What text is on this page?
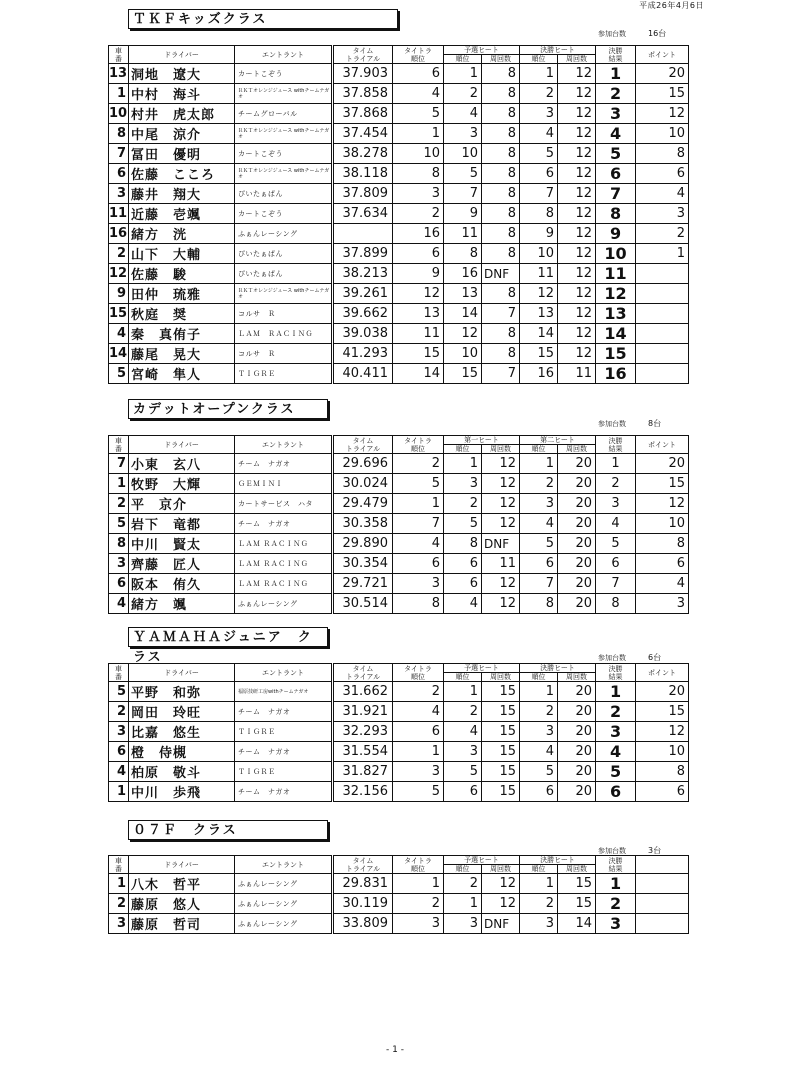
平成26年4月6日
ＴＫＦキッズクラス
参加台数	16台
車
番	ドライバー	エントラント	タイム
トライアル	タイトラ
順位	予選ヒート		決勝ヒート		決勝
結果	ポイント
					順位	周回数	順位	周回数		
13	洞地　遼大	カートこぞう	37.903	6	1	8	1	12	1	20
1	中村　海斗	ＲＫＴオレンジジュース withチームナガオ	37.858	4	2	8	2	12	2	15
10	村井　虎太郎	チームグローバル	37.868	5	4	8	3	12	3	12
8	中尾　涼介	ＲＫＴオレンジジュース withチームナガオ	37.454	1	3	8	4	12	4	10
7	冨田　優明	カートこぞう	38.278	10	10	8	5	12	5	8
6	佐藤　こころ	ＲＫＴオレンジジュース withチームナガオ	38.118	8	5	8	6	12	6	6
3	藤井　翔大	ぴいたぁぱん	37.809	3	7	8	7	12	7	4
11	近藤　壱颯	カートこぞう	37.634	2	9	8	8	12	8	3
16	緒方　洸	ふぁんレーシング		16	11	8	9	12	9	2
2	山下　大輔	ぴいたぁぱん	37.899	6	8	8	10	12	10	1
12	佐藤　駿	ぴいたぁぱん	38.213	9	16	DNF	11	12	11	
9	田仲　琉雅	ＲＫＴオレンジジュース withチームナガオ	39.261	12	13	8	12	12	12	
15	秋庭　奨	コルサ　Ｒ	39.662	13	14	7	13	12	13	
4	秦　真侑子	ＬＡＭ　ＲＡＣＩＮＧ	39.038	11	12	8	14	12	14	
14	藤尾　晃大	コルサ　Ｒ	41.293	15	10	8	15	12	15	
5	宮崎　隼人	ＴＩＧＲＥ	40.411	14	15	7	16	11	16	
カデットオープンクラス
参加台数	8台
車
番	ドライバー	エントラント	タイム
トライアル	タイトラ
順位	第一ヒート		第二ヒート		決勝
結果	ポイント
					順位	周回数	順位	周回数		
7	小東　玄八	チーム　ナガオ	29.696	2	1	12	1	20	1	20
1	牧野　大輝	ＧＥＭＩＮＩ	30.024	5	3	12	2	20	2	15
2	平　京介	カートサービス　ハタ	29.479	1	2	12	3	20	3	12
5	岩下　竜都	チーム　ナガオ	30.358	7	5	12	4	20	4	10
8	中川　賢太	ＬＡＭ ＲＡＣＩＮＧ	29.890	4	8	DNF	5	20	5	8
3	齊藤　匠人	ＬＡＭ ＲＡＣＩＮＧ	30.354	6	6	11	6	20	6	6
6	阪本　侑久	ＬＡＭ ＲＡＣＩＮＧ	29.721	3	6	12	7	20	7	4
4	緒方　颯	ふぁんレーシング	30.514	8	4	12	8	20	8	3
ＹＡＭＡＨＡジュニア　クラス	参加台数	6台
車
番	ドライバー	エントラント	タイム
トライアル	タイトラ
順位	予選ヒート		決勝ヒート		決勝
結果	ポイント
					順位	周回数	順位	周回数		
5	平野　和弥	福原技研工房withチームナガオ	31.662	2	1	15	1	20	1	20
2	岡田　玲旺	チーム　ナガオ	31.921	4	2	15	2	20	2	15
3	比嘉　悠生	ＴＩＧＲＥ	32.293	6	4	15	3	20	3	12
6	橙　侍槻	チーム　ナガオ	31.554	1	3	15	4	20	4	10
4	柏原　敬斗	ＴＩＧＲＥ	31.827	3	5	15	5	20	5	8
1	中川　歩飛	チーム　ナガオ	32.156	5	6	15	6	20	6	6
０７Ｆ　クラス
参加台数	3台
車
番	ドライバー	エントラント	タイム
トライアル	タイトラ
順位	予選ヒート		決勝ヒート		決勝
結果	
					順位	周回数	順位	周回数		
1	八木　哲平	ふぁんレーシング	29.831	1	2	12	1	15	1	
2	藤原　悠人	ふぁんレーシング	30.119	2	1	12	2	15	2	
3	藤原　哲司	ふぁんレーシング	33.809	3	3	DNF	3	14	3	
- 1 -
